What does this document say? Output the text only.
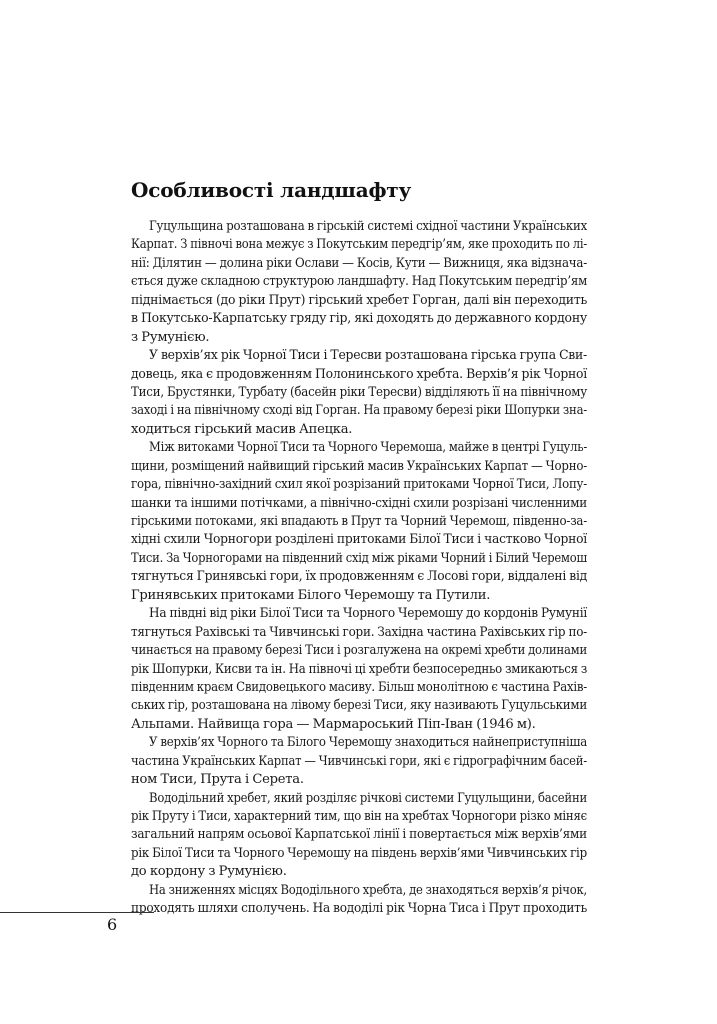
Особливості ландшафту

Гуцульщина розташована в гірській системі східної частини Українських
Карпат. З півночі вона межує з Покутським передгір’ям, яке проходить по лі-
нії: Ділятин — долина ріки Ослави — Косів, Кути — Вижниця, яка відзнача-
ється дуже складною структурою ландшафту. Над Покутським передгір’ям
піднімається (до ріки Прут) гірський хребет Горган, далі він переходить
в Покутсько-Карпатську гряду гір, які доходять до державного кордону
з Румунією.

У верхів’ях рік Чорної Тиси і Тересви розташована гірська група Сви-
довець, яка є продовженням Полонинського хребта. Верхів’я рік Чорної
Тиси, Брустянки, Турбату (басейн ріки Тересви) відділяють її на північному
заході і на північному сході від Горган. На правому березі ріки Шопурки зна-
ходиться гірський масив Апецка.

Між витоками Чорної Тиси та Чорного Черемоша, майже в центрі Гуцуль-
щини, розміщений найвищий гірський масив Українських Карпат — Чорно-
гора, північно-західний схил якої розрізаний притоками Чорної Тиси, Лопу-
шанки та іншими потічками, а північно-східні схили розрізані численними
гірськими потоками, які впадають в Прут та Чорний Черемош, південно-за-
хідні схили Чорногори розділені притоками Білої Тиси і частково Чорної
Тиси. За Чорногорами на південний схід між ріками Чорний і Білий Черемош
тягнуться Гринявські гори, їх продовженням є Лосові гори, віддалені від
Гринявських притоками Білого Черемошу та Путили.

На півдні від ріки Білої Тиси та Чорного Черемошу до кордонів Румунії
тягнуться Рахівські та Чивчинські гори. Західна частина Рахівських гір по-
чинається на правому березі Тиси і розгалужена на окремі хребти долинами
рік Шопурки, Кисви та ін. На півночі ці хребти безпосередньо змикаються з
південним краєм Свидовецького масиву. Більш монолітною є частина Рахів-
ських гір, розташована на лівому березі Тиси, яку називають Гуцульськими
Альпами. Найвища гора — Мармароський Піп-Іван (1946 м).

У верхів’ях Чорного та Білого Черемошу знаходиться найнеприступніша
частина Українських Карпат — Чивчинські гори, які є гідрографічним басей-
ном Тиси, Прута і Серета.

Вододільний хребет, який розділяє річкові системи Гуцульщини, басейни
рік Пруту і Тиси, характерний тим, що він на хребтах Чорногори різко міняє
загальний напрям осьової Карпатської лінії і повертається між верхів’ями
рік Білої Тиси та Чорного Черемошу на південь верхів’ями Чивчинських гір
до кордону з Румунією.

На зниженнях місцях Вододільного хребта, де знаходяться верхів’я річок,
проходять шляхи сполучень. На вододілі рік Чорна Тиса і Прут проходить

6
